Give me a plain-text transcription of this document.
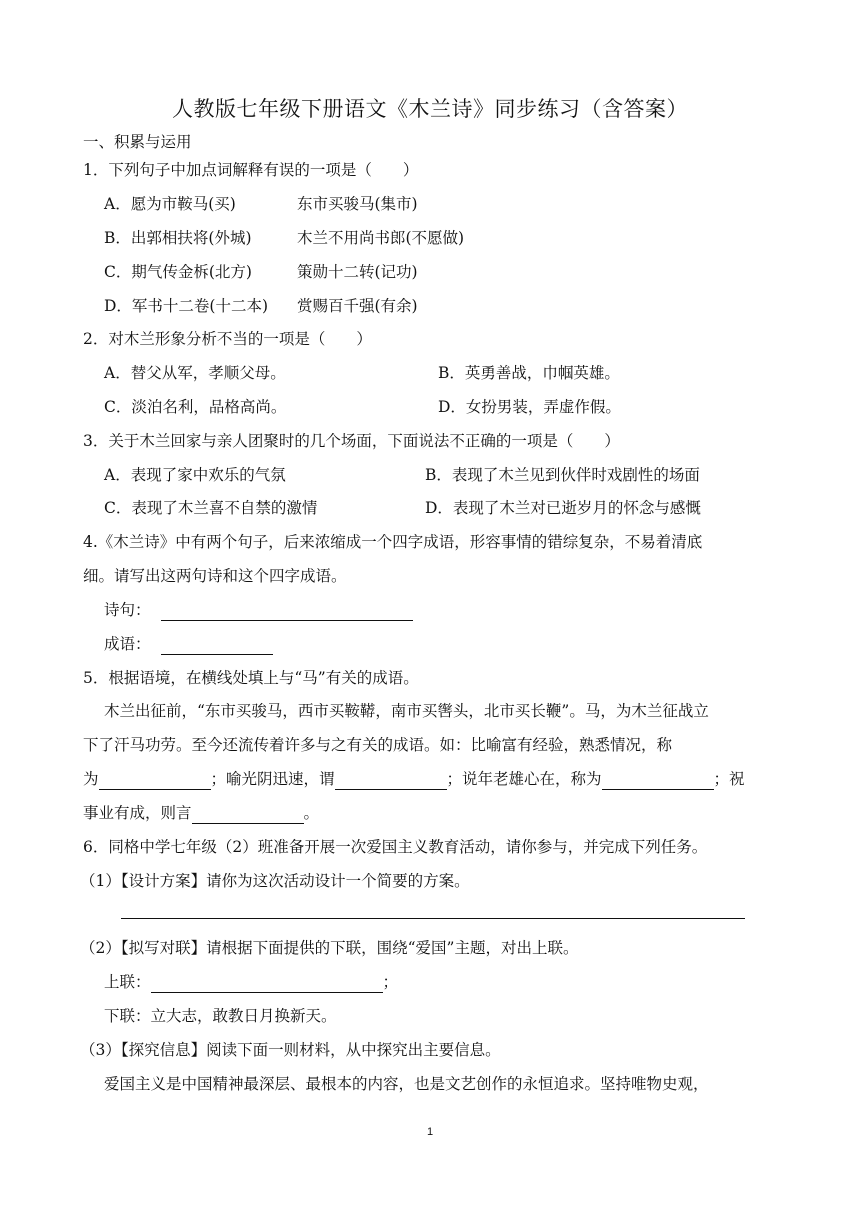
人教版七年级下册语文《木兰诗》同步练习（含答案）
一、积累与运用
1．下列句子中加点词解释有误的一项是（　　）
A．愿为市鞍马(买)	东市买骏马(集市)
B．出郭相扶将(外城)	木兰不用尚书郎(不愿做)
C．期气传金柝(北方)	策勋十二转(记功)
D．军书十二卷(十二本) 赏赐百千强(有余)
2．对木兰形象分析不当的一项是（　　）
A．替父从军，孝顺父母。	B．英勇善战，巾帼英雄。
C．淡泊名利，品格高尚。	D．女扮男装，弄虚作假。
3．关于木兰回家与亲人团聚时的几个场面，下面说法不正确的一项是（　　）
A．表现了家中欢乐的气氛	B．表现了木兰见到伙伴时戏剧性的场面
C．表现了木兰喜不自禁的激情	D．表现了木兰对已逝岁月的怀念与感慨
4.《木兰诗》中有两个句子，后来浓缩成一个四字成语，形容事情的错综复杂，不易着清底
细。请写出这两句诗和这个四字成语。
诗句：
成语：
5．根据语境，在横线处填上与“马”有关的成语。
木兰出征前，“东市买骏马，西市买鞍鞯，南市买辔头，北市买长鞭”。马，为木兰征战立
下了汗马功劳。至今还流传着许多与之有关的成语。如：比喻富有经验，熟悉情况，称
为	；喻光阴迅速，谓	；说年老雄心在，称为	；祝
事业有成，则言	。
6．同格中学七年级（2）班准备开展一次爱国主义教育活动，请你参与，并完成下列任务。
（1）【设计方案】请你为这次活动设计一个简要的方案。
（2）【拟写对联】请根据下面提供的下联，围绕“爱国”主题，对出上联。
上联：	；
下联：立大志，敢教日月换新天。
（3）【探究信息】阅读下面一则材料，从中探究出主要信息。
爱国主义是中国精神最深层、最根本的内容，也是文艺创作的永恒追求。坚持唯物史观，
1
